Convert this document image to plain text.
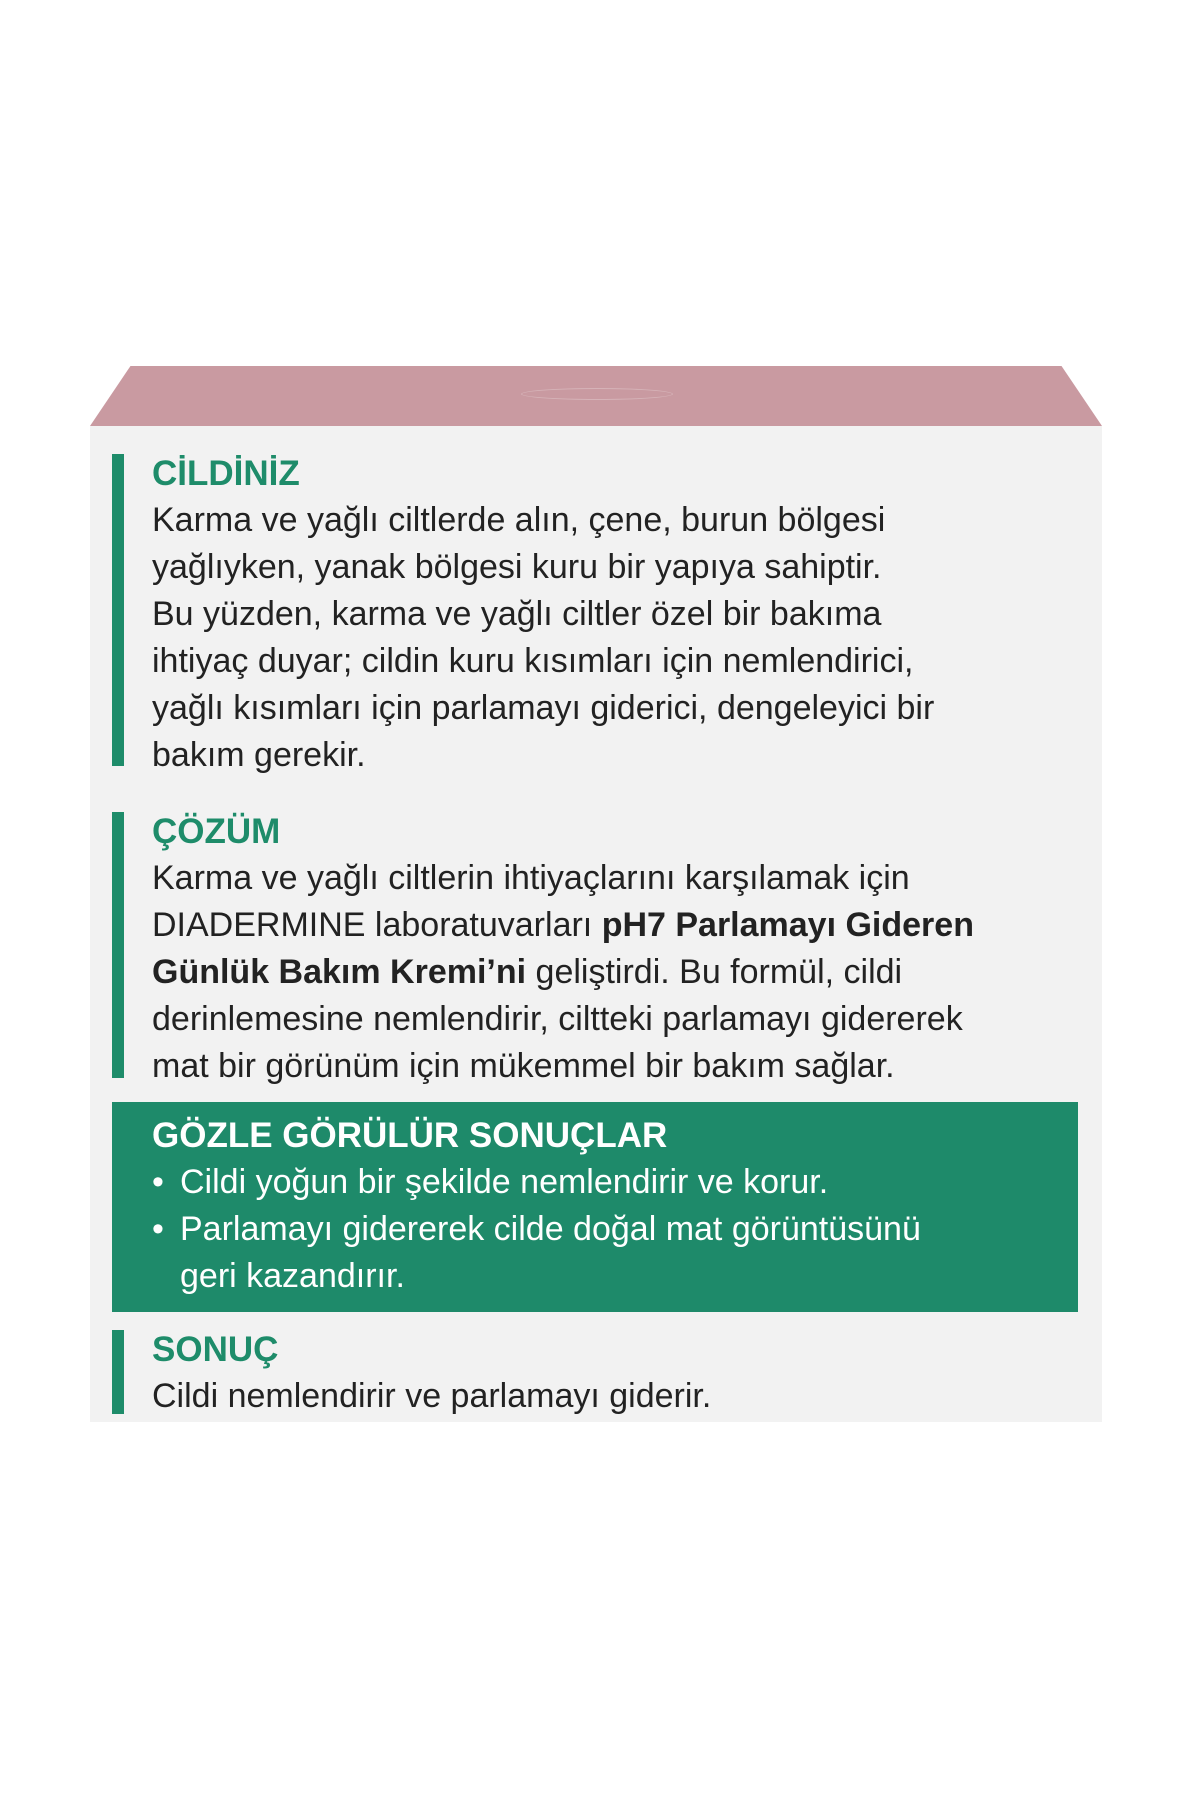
CİLDİNİZ

Karma ve yağlı ciltlerde alın, çene, burun bölgesi
yağlıyken, yanak bölgesi kuru bir yapıya sahiptir.
Bu yüzden, karma ve yağlı ciltler özel bir bakıma
ihtiyaç duyar; cildin kuru kısımları için nemlendirici,
yağlı kısımları için parlamayı giderici, dengeleyici bir
bakım gerekir.

ÇÖZÜM

Karma ve yağlı ciltlerin ihtiyaçlarını karşılamak için
DIADERMINE laboratuvarları pH7 Parlamayı Gideren
Günlük Bakım Kremi’ni geliştirdi. Bu formül, cildi
derinlemesine nemlendirir, ciltteki parlamayı gidererek
mat bir görünüm için mükemmel bir bakım sağlar.

GÖZLE GÖRÜLÜR SONUÇLAR
• Cildi yoğun bir şekilde nemlendirir ve korur.
• Parlamayı gidererek cilde doğal mat görüntüsünü
geri kazandırır.
SONUÇ

Cildi nemlendirir ve parlamayı giderir.
